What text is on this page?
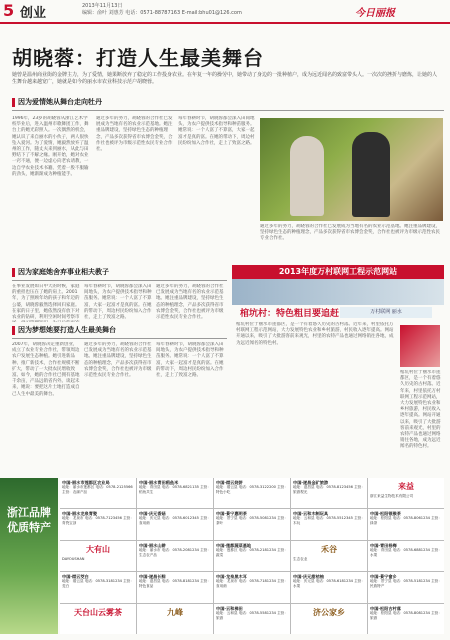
5 创业	2013年11月13日
编辑：俞叶 刘惠芳 电话：0571-88787163 E-mail:bhu01@126.com	今日丽报
胡晓蓉：打造人生最美舞台
她曾是温州商业街的金牌主力，为了爱情，她果断放弃了稳定的工作投身农业。在年复一年的操劳中，她带动了身边的一批种植户，成为远近闻名的致富带头人。一次次的挫折与磨炼，让她的人生舞台越来越宽广，她就是如今的丽水市农业科技示范户胡晓蓉。
因为爱情她从舞台走向牡丹
1996年，23岁的胡晓蓉从浙江艺术学校毕业后，进入温州市歌舞团工作，舞台上的她光彩照人。一次偶然的机会，她认识了来自丽水的小伙子，两人很快坠入爱河。为了爱情，她毅然放弃了温州的工作，随丈夫来到丽水，从此与田野结下了不解之缘。刚开始，她对农业一窍不通，便一边虚心向老农请教，一边自学农业技术书籍。凭着一股不服输的劲头，她渐渐成为种植能手。
通过多年的努力，胡晓蓉的合作社已发展成为当地有名的农业示范基地。她注重品牌建设，坚持绿色生态的种植理念，产品多次获得省市农博会金奖，合作社也被评为市级示范性农民专业合作社。
每年春耕时节，胡晓蓉都会深入田间地头，为农户提供技术指导和种苗服务。她常说：一个人富了不算富，大家一起富才是真的富。在她的带动下，周边村民纷纷加入合作社，走上了致富之路。
通过多年的努力，胡晓蓉的合作社已发展成为当地有名的农业示范基地。她注重品牌建设，坚持绿色生态的种植理念，产品多次获得省市农博会金奖，合作社也被评为市级示范性农民专业合作社。
因为家庭她舍弃事业相夫教子
在事业发展如日中天的时候，家庭的重担也压在了她的肩上。2001年，为了照顾年幼的孩子和年迈的公婆，胡晓蓉毅然选择回归家庭。在家的日子里，她依然没有放下对农业的钻研，利用空闲时间考察市
每年春耕时节，胡晓蓉都会深入田间地头，为农户提供技术指导和种苗服务。她常说：一个人富了不算富，大家一起富才是真的富。在她的带动下，周边村民纷纷加入合作社，走上了致富之路。
通过多年的努力，胡晓蓉的合作社已发展成为当地有名的农业示范基地。她注重品牌建设，坚持绿色生态的种植理念，产品多次获得省市农博会金奖，合作社也被评为市级示范性农民专业合作社。
因为梦想她要打造人生最美舞台
2007年，胡晓蓉决定重新创业，成立了农业专业合作社，带领周边农户发展生态种植。她引进新品种、推广新技术，合作社规模不断扩大，带动了一大批农民增收致富。如今，她的合作社已拥有基地千余亩，产品远销省内外。谈起未来，她说：要把这片土地打造成自己人生中最美的舞台。
通过多年的努力，胡晓蓉的合作社已发展成为当地有名的农业示范基地。她注重品牌建设，坚持绿色生态的种植理念，产品多次获得省市农博会金奖，合作社也被评为市级示范性农民专业合作社。
每年春耕时节，胡晓蓉都会深入田间地头，为农户提供技术指导和种苗服务。她常说：一个人富了不算富，大家一起富才是真的富。在她的带动下，周边村民纷纷加入合作社，走上了致富之路。
2013年度万村联网工程示范网站
棺坑村：特色粗目要追赶	万村联网 丽水
棺坑村位于丽水市莲都区，是一个有着悠久历史的古村落。近年来，村里依托万村联网工程示范网站，大力发展特色农业和乡村旅游，村民收入逐年提高。网站开通以来，吸引了大批游客前来观光，村里的农特产品也通过网络销往各地，成为远近闻名的特色村。
棺坑村位于丽水市莲都区，是一个有着悠久历史的古村落。近年来，村里依托万村联网工程示范网站，大力发展特色农业和乡村旅游，村民收入逐年提高。网站开通以来，吸引了大批游客前来观光，村里的农特产品也通过网络销往各地，成为远近闻名的特色村。
浙江品牌 优质特产
中国·丽水市莲都区农业局
地址：丽水市莲都区 电话：0578-2125566 主营：农副产品
中国·丽水青田稻鱼米
地址：青田县 电话：0578-6821135 主营：稻鱼共生
中国·缙云烧饼
地址：缙云县 电话：0578-3122200 主营：特色小吃
中国·遂昌金矿旅游
地址：遂昌县 电话：0578-8123456 主营：旅游观光
来益
浙江来益生物技术有限公司
中国·丽水龙泉青瓷
地址：龙泉市 电话：0578-7123456 主营：青瓷宝剑
中国·庆元香菇
地址：庆元县 电话：0578-6012345 主营：食用菌
中国·景宁惠明茶
地址：景宁县 电话：0578-5081234 主营：茶叶
中国·云和木制玩具
地址：云和县 电话：0578-5512345 主营：木玩
中国·松阳银猴茶
地址：松阳县 电话：0578-8061234 主营：绿茶
大有山
DAYOUSHAN
中国·丽水山耕
地址：丽水市 电话：0578-2081234 主营：生态农产品
中国·莲都蔬菜基地
地址：莲都区 电话：0578-2181234 主营：蔬菜
禾谷
生态农业
中国·青田杨梅
地址：青田县 电话：0578-6881234 主营：水果
中国·缙云茭白
地址：缙云县 电话：0578-3181234 主营：茭白
中国·遂昌长粽
地址：遂昌县 电话：0578-8181234 主营：特色食品
中国·龙泉黑木耳
地址：龙泉市 电话：0578-7181234 主营：食用菌
中国·庆元甜桔柚
地址：庆元县 电话：0578-6181234 主营：水果
中国·景宁畲乡
地址：景宁县 电话：0578-5181234 主营：民族特产
天台山云雾茶	九峰	中国·云和梯田
地址：云和县 电话：0578-5581234 主营：旅游
济公家乡	中国·松阳古村落
地址：松阳县 电话：0578-8081234 主营：旅游
